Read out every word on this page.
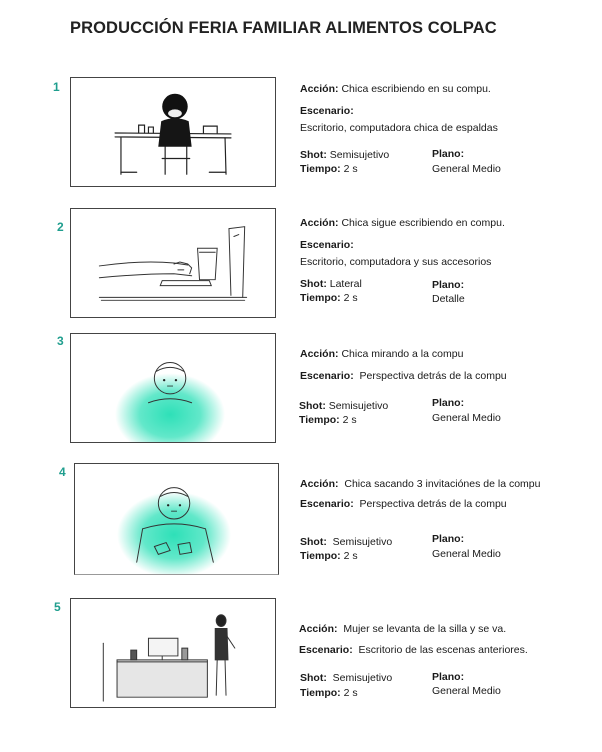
PRODUCCIÓN FERIA FAMILIAR ALIMENTOS COLPAC
1	Acción: Chica escribiendo en su compu.
Escenario:
Escritorio, computadora chica de espaldas
Shot: Semisujetivo
Tiempo: 2 s
Plano:
General Medio
2	Acción: Chica sigue escribiendo en compu.
Escenario:
Escritorio, computadora y sus accesorios
Shot: Lateral
Tiempo: 2 s
Plano:
Detalle
3
Acción: Chica mirando a la compu
Escenario: Perspectiva detrás de la compu
Shot: Semisujetivo
Tiempo: 2 s
Plano:
General Medio
4
Acción: Chica sacando 3 invitaciónes de la compu
Escenario: Perspectiva detrás de la compu
Shot: Semisujetivo
Tiempo: 2 s
Plano:
General Medio
5
Acción: Mujer se levanta de la silla y se va.
Escenario: Escritorio de las escenas anteriores.
Shot: Semisujetivo
Tiempo: 2 s
Plano:
General Medio
